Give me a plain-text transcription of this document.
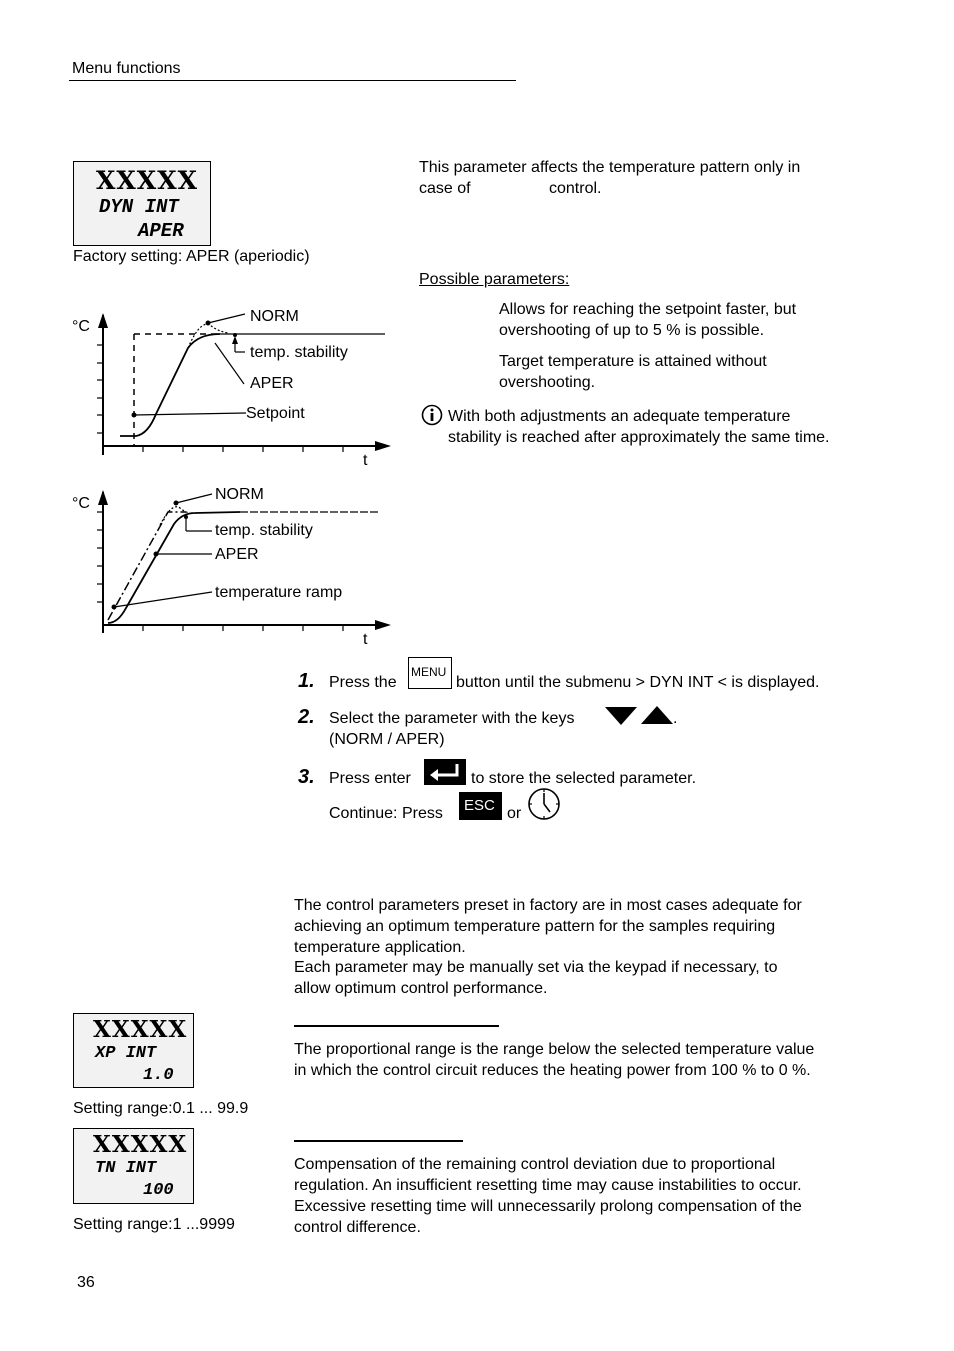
Menu functions
XXXXX
DYN INT
APER
Factory setting: APER (aperiodic)
This parameter affects the temperature pattern only in
case of	control.
Possible parameters:
Allows for reaching the setpoint faster, but
overshooting of up to 5 % is possible.
Target temperature is attained without
overshooting.
With both adjustments an adequate temperature
stability is reached after approximately the same time.
°C
t
NORM
temp. stability
APER
Setpoint
°C
t
NORM
temp. stability
APER
temperature ramp
1. Press the
MENU
button until the submenu > DYN INT < is displayed.
2. Select the parameter with the keys	.
(NORM / APER)
3. Press enter	to store the selected parameter.
Continue: Press ESC or
The control parameters preset in factory are in most cases adequate for
achieving an optimum temperature pattern for the samples requiring
temperature application.
Each parameter may be manually set via the keypad if necessary, to
allow optimum control performance.
XXXXX
XP INT
1.0
Setting range:0.1 ... 99.9
The proportional range is the range below the selected temperature value
in which the control circuit reduces the heating power from 100 % to 0 %.
XXXXX
TN INT
100
Setting range:1 ...9999
Compensation of the remaining control deviation due to proportional
regulation. An insufficient resetting time may cause instabilities to occur.
Excessive resetting time will unnecessarily prolong compensation of the
control difference.
36
